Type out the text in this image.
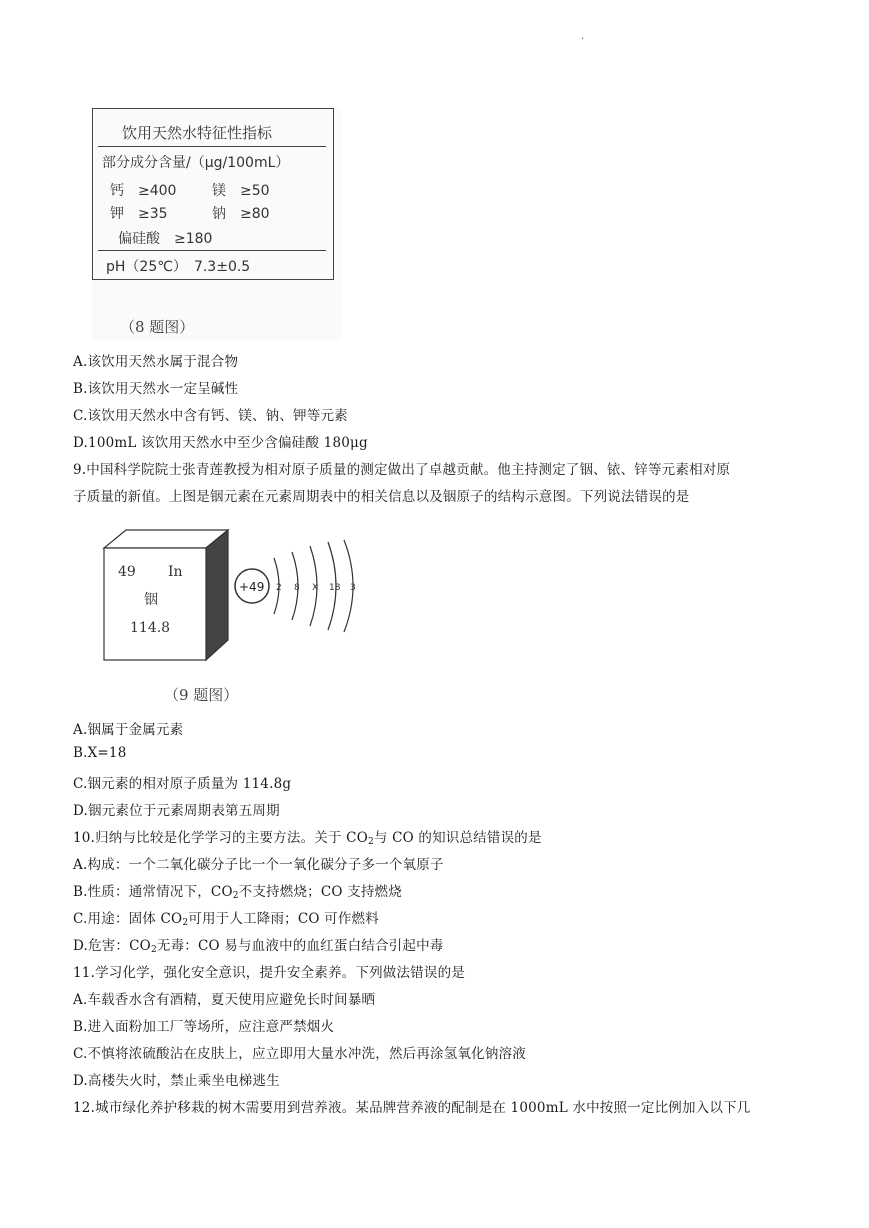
·
饮用天然水特征性指标
部分成分含量/（μg/100mL）
钙　≥400	镁　≥50
钾　≥35	钠　≥80
偏硅酸　≥180
pH（25℃）　7.3±0.5
（8 题图）
A.该饮用天然水属于混合物
B.该饮用天然水一定呈碱性
C.该饮用天然水中含有钙、镁、钠、钾等元素
D.100mL 该饮用天然水中至少含偏硅酸 180μg
9.中国科学院院士张青莲教授为相对原子质量的测定做出了卓越贡献。他主持测定了铟、铱、锌等元素相对原
子质量的新值。上图是铟元素在元素周期表中的相关信息以及铟原子的结构示意图。下列说法错误的是
49 In
铟
114.8
+49 2 8 X 18 3
（9 题图）
A.铟属于金属元素
B.X=18
C.铟元素的相对原子质量为 114.8g
D.铟元素位于元素周期表第五周期
10.归纳与比较是化学学习的主要方法。关于 $CO_2$与 CO 的知识总结错误的是
A.构成：一个二氧化碳分子比一个一氧化碳分子多一个氧原子
B.性质：通常情况下，$CO_2$不支持燃烧；CO 支持燃烧
C.用途：固体 $CO_2$可用于人工降雨；CO 可作燃料
D.危害：$CO_2$无毒：CO 易与血液中的血红蛋白结合引起中毒
11.学习化学，强化安全意识，提升安全素养。下列做法错误的是
A.车载香水含有酒精，夏天使用应避免长时间暴晒
B.进入面粉加工厂等场所，应注意严禁烟火
C.不慎将浓硫酸沾在皮肤上，应立即用大量水冲洗，然后再涂氢氧化钠溶液
D.高楼失火时，禁止乘坐电梯逃生
12.城市绿化养护移栽的树木需要用到营养液。某品牌营养液的配制是在 1000mL 水中按照一定比例加入以下几
